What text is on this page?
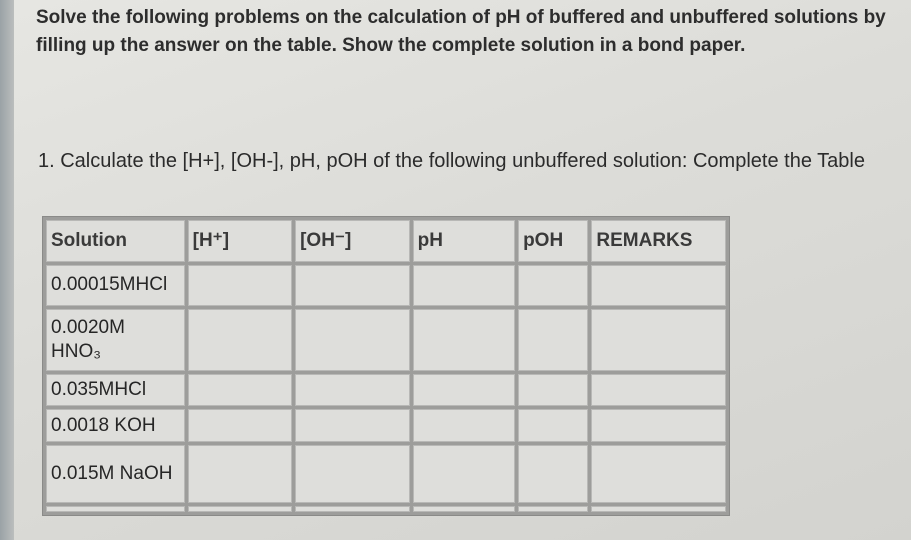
Solve the following problems on the calculation of pH of buffered and unbuffered solutions by filling up the answer on the table. Show the complete solution in a bond paper.

1. Calculate the [H+], [OH-], pH, pOH of the following unbuffered solution: Complete the Table

Solution	[H⁺]	[OH⁻]	pH	pOH	REMARKS
0.00015MHCl					
0.0020M HNO₃					
0.035MHCl					
0.0018 KOH					
0.015M NaOH					
